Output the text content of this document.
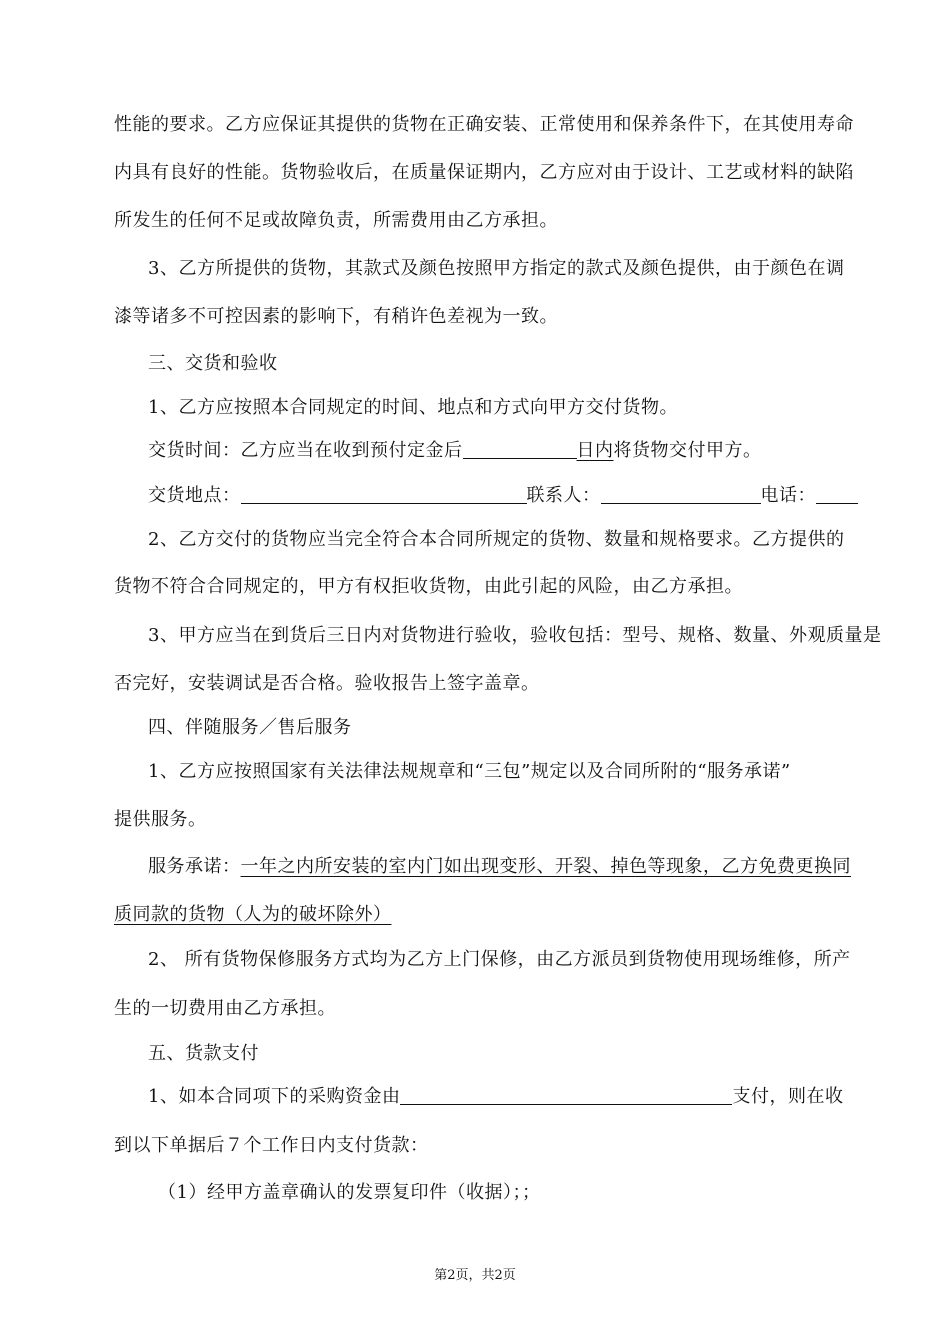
性能的要求。乙方应保证其提供的货物在正确安装、正常使用和保养条件下，在其使用寿命
内具有良好的性能。货物验收后，在质量保证期内，乙方应对由于设计、工艺或材料的缺陷
所发生的任何不足或故障负责，所需费用由乙方承担。
3、乙方所提供的货物，其款式及颜色按照甲方指定的款式及颜色提供，由于颜色在调
漆等诸多不可控因素的影响下，有稍许色差视为一致。
三、交货和验收
1、乙方应按照本合同规定的时间、地点和方式向甲方交付货物。
交货时间：乙方应当在收到预付定金后	日内将货物交付甲方。
交货地点：	联系人：	电话：
2、乙方交付的货物应当完全符合本合同所规定的货物、数量和规格要求。乙方提供的
货物不符合合同规定的，甲方有权拒收货物，由此引起的风险，由乙方承担。
3、甲方应当在到货后三日内对货物进行验收，验收包括：型号、规格、数量、外观质量是
否完好，安装调试是否合格。验收报告上签字盖章。
四、伴随服务／售后服务
1、乙方应按照国家有关法律法规规章和“三包”规定以及合同所附的“服务承诺”
提供服务。
服务承诺：一年之内所安装的室内门如出现变形、开裂、掉色等现象，乙方免费更换同
质同款的货物（人为的破坏除外）
2、 所有货物保修服务方式均为乙方上门保修，由乙方派员到货物使用现场维修，所产
生的一切费用由乙方承担。
五、货款支付
1、如本合同项下的采购资金由	支付，则在收
到以下单据后７个工作日内支付货款：
（1）经甲方盖章确认的发票复印件（收据）；；
第2页，共2页
